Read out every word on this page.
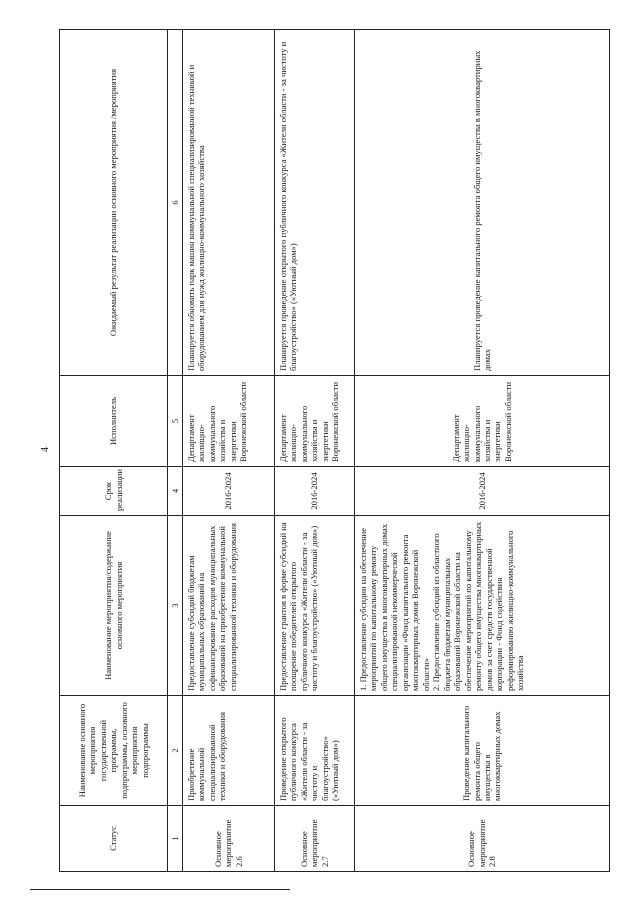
4
Статус	Наименование основного мероприятия государственной программы, подпрограммы, основного мероприятия подпрограммы	Наименование мероприятия/содержание основного мероприятия	Срок реализации	Исполнитель	Ожидаемый результат реализации основного мероприятия /мероприятия
1	2	3	4	5	6
Основное мероприятие 2.6	Приобретение коммунальной специализированной техники и оборудования	Предоставление субсидий бюджетам муниципальных образований на софинансирование расходов муниципальных образований на приобретение коммунальной специализированной техники и оборудования	2016-2024	Департамент жилищно-коммунального хозяйства и энергетики Воронежской области	Планируется обновить парк машин коммунальной специализированной техникой и оборудованием для нужд жилищно-коммунального хозяйства
Основное мероприятие 2.7	Проведение открытого публичного конкурса «Жители области - за чистоту и благоустройство» («Уютный дом»)	Предоставление грантов в форме субсидий на поощрение победителей открытого публичного конкурса «Жители области - за чистоту и благоустройство» («Уютный дом»)	2016-2024	Департамент жилищно-коммунального хозяйства и энергетики Воронежской области	Планируется проведение открытого публичного конкурса «Жители области - за чистоту и благоустройство» («Уютный дом»)
Основное мероприятие 2.8	Проведение капитального ремонта общего имущества в многоквартирных домах	1. Предоставление субсидии на обеспечение мероприятий по капитальному ремонту общего имущества в многоквартирных домах специализированной некоммерческой организации «Фонд капитального ремонта многоквартирных домов Воронежской области» 2. Предоставление субсидий из областного бюджета бюджетам муниципальных образований Воронежской области на обеспечение мероприятий по капитальному ремонту общего имущества многоквартирных домов за счет средств государственной корпорации - Фонд содействия реформированию жилищно-коммунального хозяйства	2016-2024	Департамент жилищно-коммунального хозяйства и энергетики Воронежской области	Планируется проведение капитального ремонта общего имущества в многоквартирных домах
